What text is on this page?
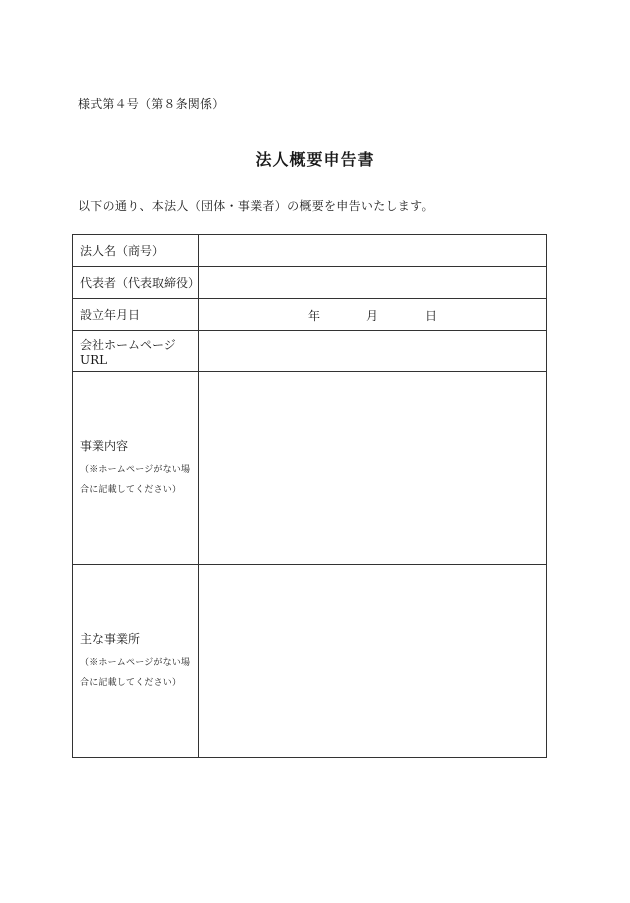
様式第４号（第８条関係）
法人概要申告書
以下の通り、本法人（団体・事業者）の概要を申告いたします。
法人名（商号）	
代表者（代表取締役）	
設立年月日	年 月 日

会社ホームページURL	

事業内容
（※ホームページがない場
合に記載してください）	

主な事業所
（※ホームページがない場
合に記載してください）	
